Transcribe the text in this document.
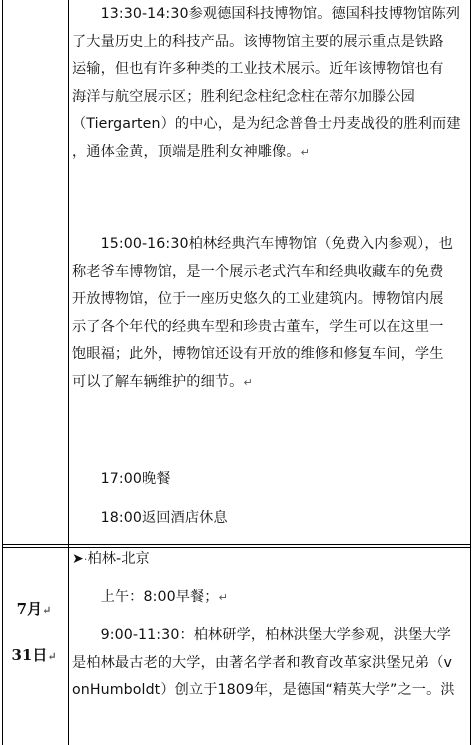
　　13:30-14:30参观德国科技博物馆。德国科技博物馆陈列
了大量历史上的科技产品。该博物馆主要的展示重点是铁路
运输，但也有许多种类的工业技术展示。近年该博物馆也有
海洋与航空展示区；胜利纪念柱纪念柱在蒂尔加滕公园
（Tiergarten）的中心，是为纪念普鲁士丹麦战役的胜利而建
，通体金黄，顶端是胜利女神雕像。↵
　　15:00-16:30柏林经典汽车博物馆（免费入内参观），也
称老爷车博物馆，是一个展示老式汽车和经典收藏车的免费
开放博物馆，位于一座历史悠久的工业建筑内。博物馆内展
示了各个年代的经典车型和珍贵古董车，学生可以在这里一
饱眼福；此外，博物馆还设有开放的维修和修复车间，学生
可以了解车辆维护的细节。↵
　　17:00晚餐
　　18:00返回酒店休息
7月↵
31日↵
➤·柏林-北京
　　上午：8:00早餐；↵
　　9:00-11:30：柏林研学，柏林洪堡大学参观，洪堡大学
是柏林最古老的大学，由著名学者和教育改革家洪堡兄弟（v
onHumboldt）创立于1809年，是德国“精英大学”之一。洪
